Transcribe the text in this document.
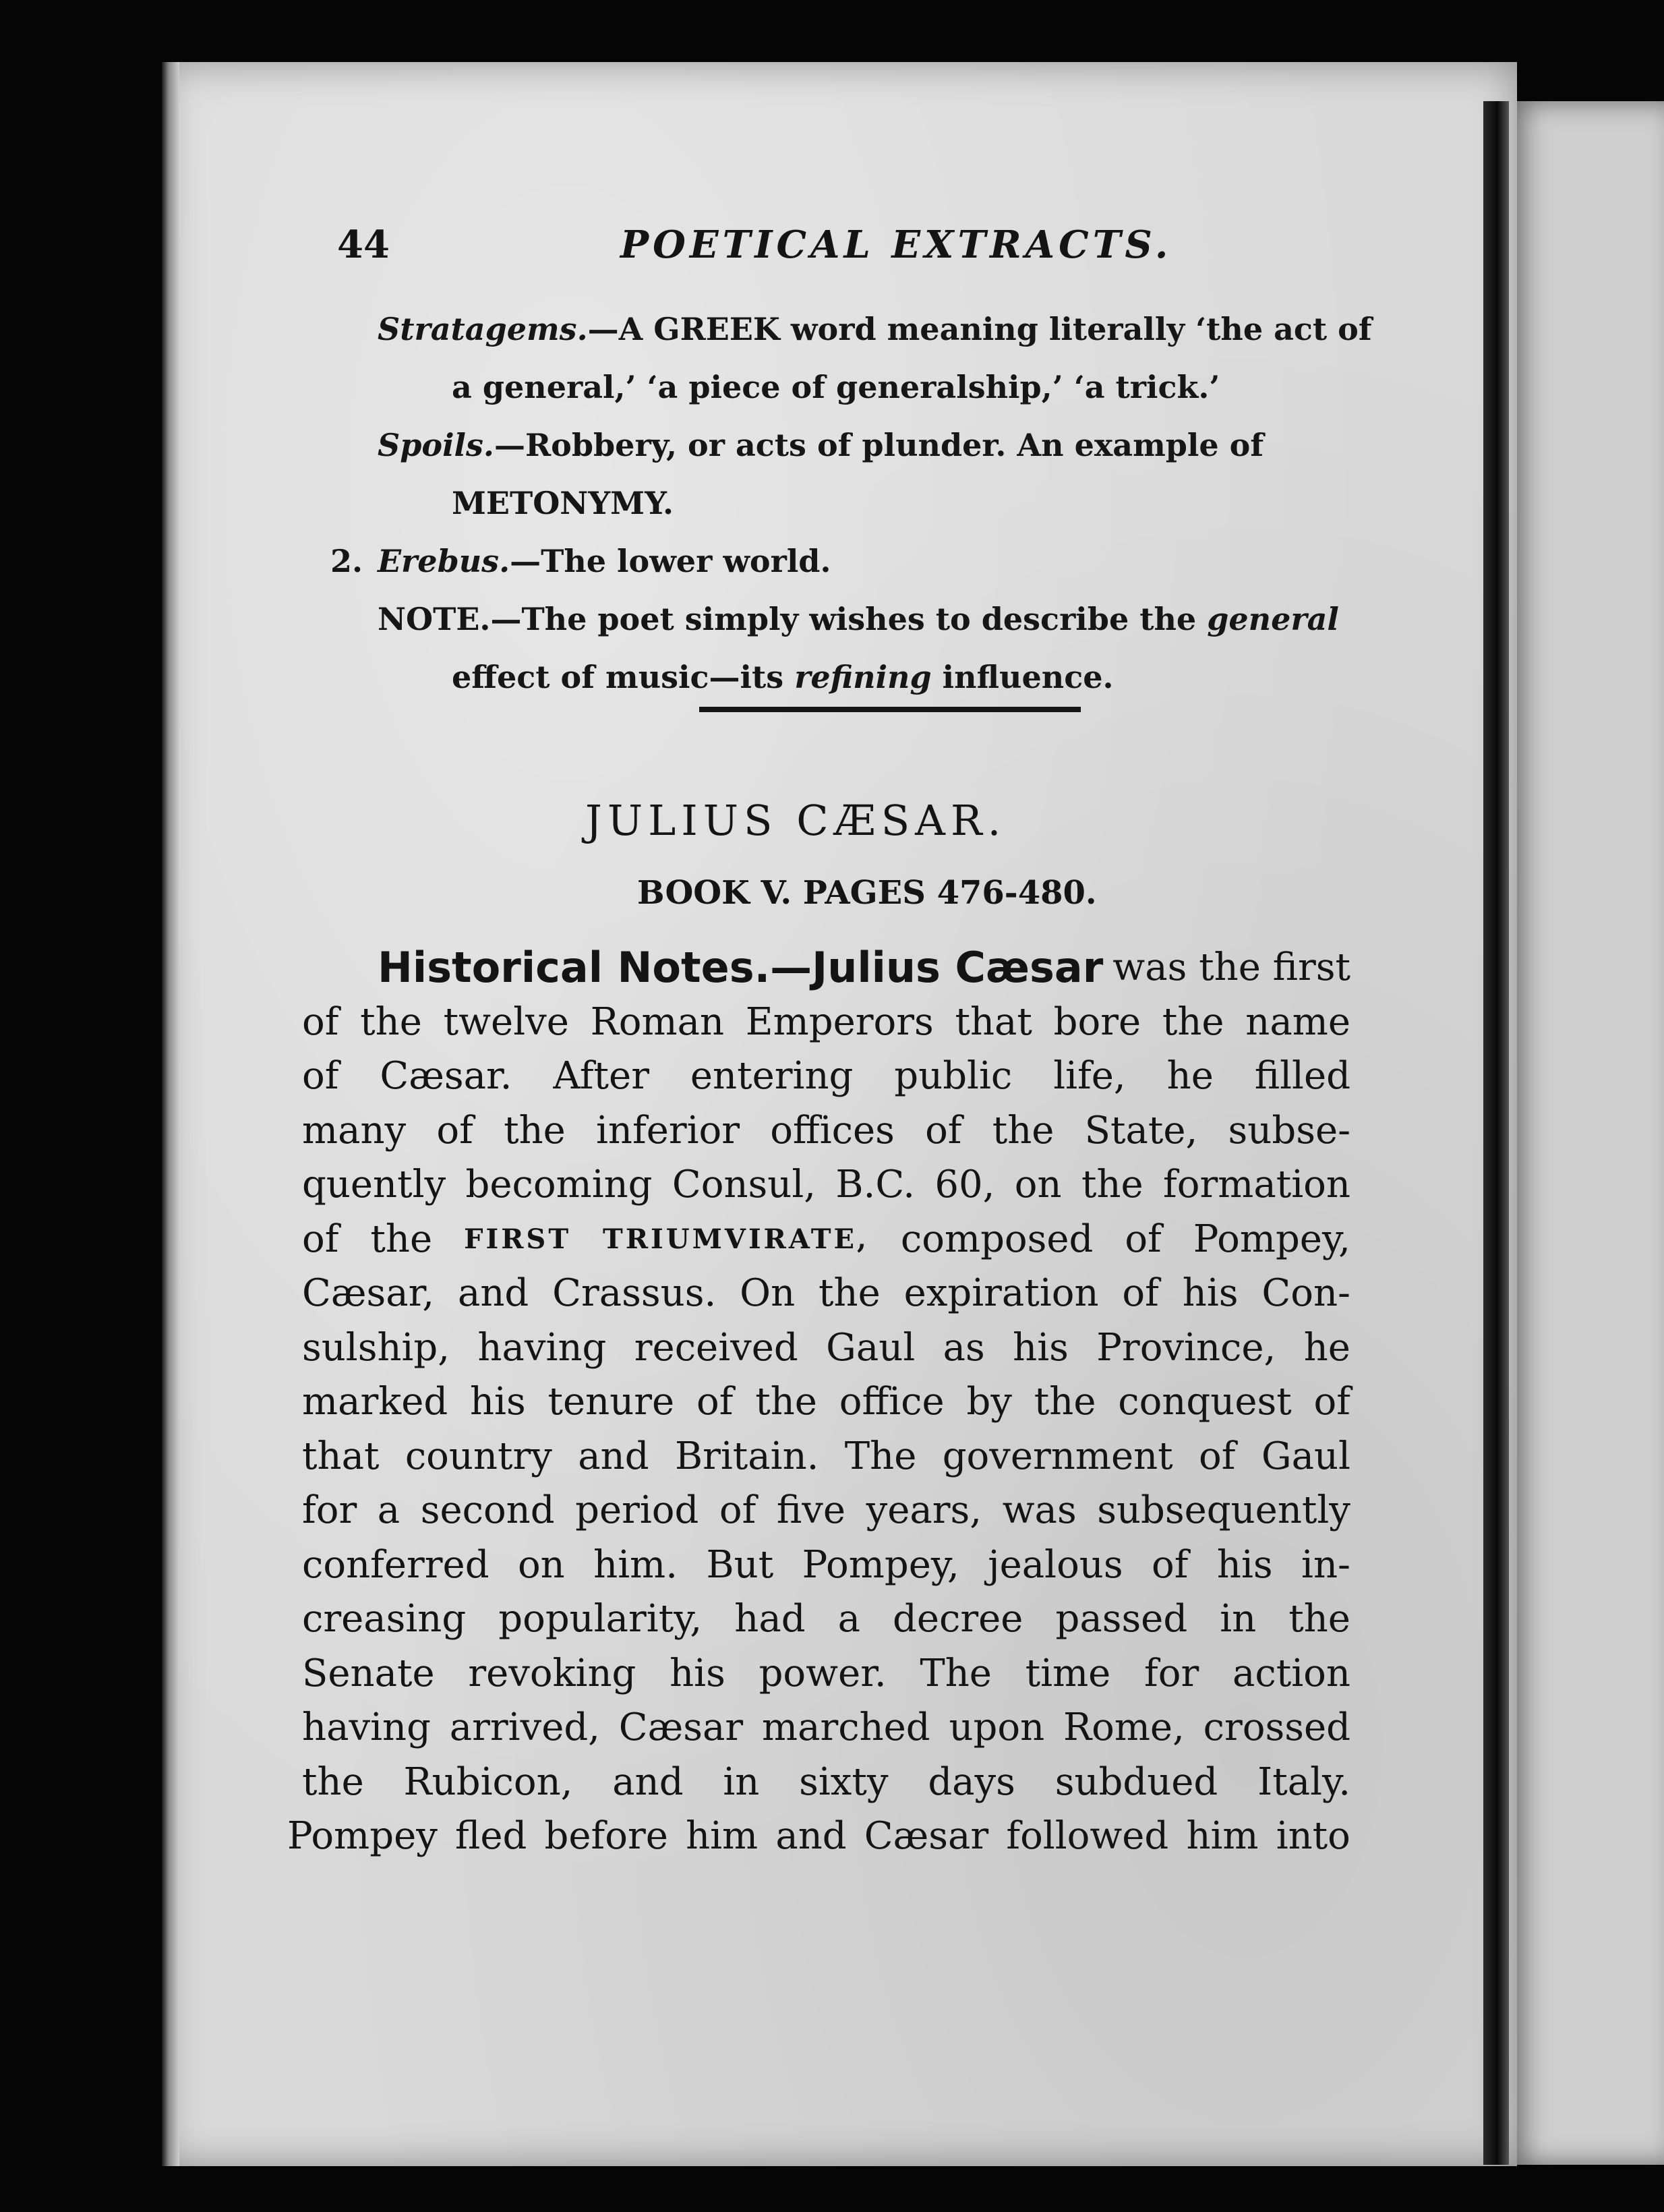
44	POETICAL EXTRACTS.
Stratagems.—A GREEK word meaning literally ‘the act of
a general,’ ‘a piece of generalship,’ ‘a trick.’
Spoils.—Robbery, or acts of plunder. An example of
METONYMY.
2. Erebus.—The lower world.
NOTE.—The poet simply wishes to describe the general
effect of music—its refining influence.
JULIUS CÆSAR.
BOOK V. PAGES 476-480.
Historical Notes.—Julius Cæsar was the first
of the twelve Roman Emperors that bore the name
of Cæsar. After entering public life, he filled
many of the inferior offices of the State, subse-
quently becoming Consul, B.C. 60, on the formation
of the FIRST TRIUMVIRATE, composed of Pompey,
Cæsar, and Crassus. On the expiration of his Con-
sulship, having received Gaul as his Province, he
marked his tenure of the office by the conquest of
that country and Britain. The government of Gaul
for a second period of five years, was subsequently
conferred on him. But Pompey, jealous of his in-
creasing popularity, had a decree passed in the
Senate revoking his power. The time for action
having arrived, Cæsar marched upon Rome, crossed
the Rubicon, and in sixty days subdued Italy.
Pompey fled before him and Cæsar followed him into
